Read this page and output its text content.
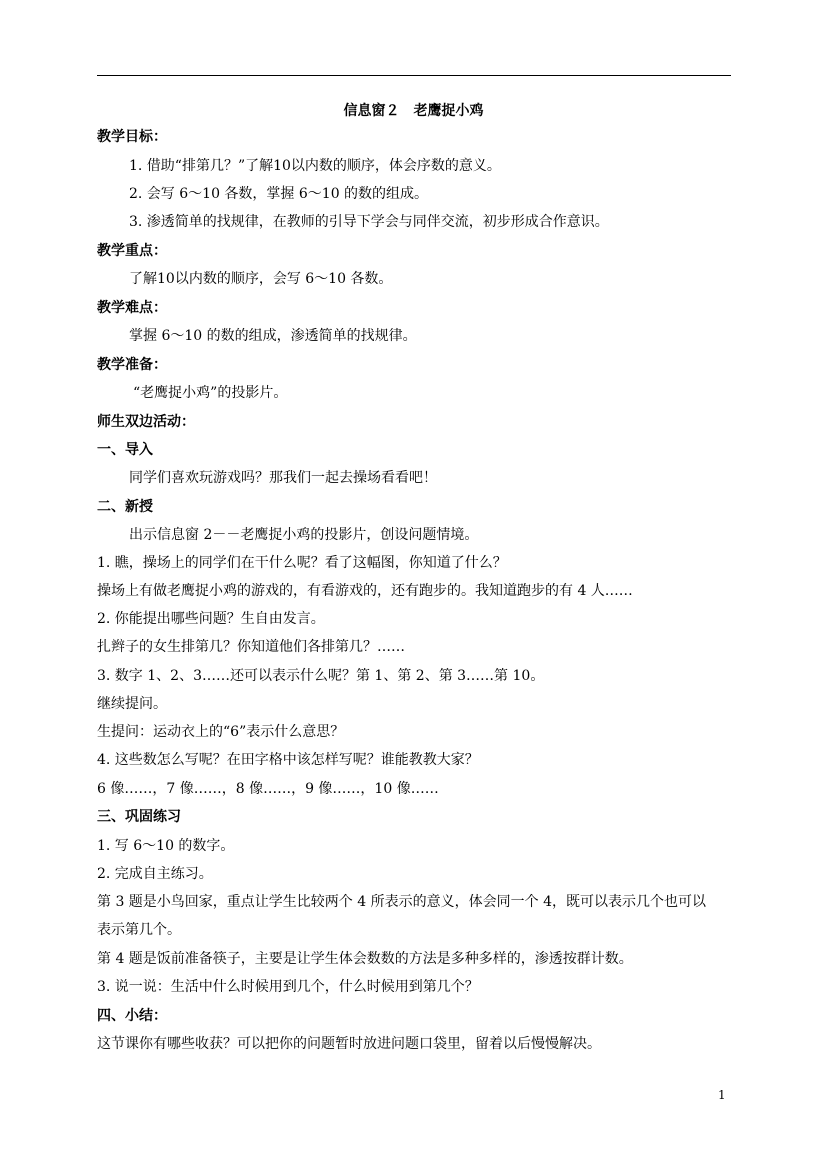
信息窗２　老鹰捉小鸡
教学目标：
1. 借助“排第几？”了解10以内数的顺序，体会序数的意义。
2. 会写 6～10 各数，掌握 6～10 的数的组成。
3. 渗透简单的找规律，在教师的引导下学会与同伴交流，初步形成合作意识。
教学重点：
了解10以内数的顺序，会写 6～10 各数。
教学难点：
掌握 6～10 的数的组成，渗透简单的找规律。
教学准备：
“老鹰捉小鸡”的投影片。
师生双边活动：
一、导入
同学们喜欢玩游戏吗？那我们一起去操场看看吧！
二、新授
出示信息窗 2－－老鹰捉小鸡的投影片，创设问题情境。
1. 瞧，操场上的同学们在干什么呢？看了这幅图，你知道了什么？
操场上有做老鹰捉小鸡的游戏的，有看游戏的，还有跑步的。我知道跑步的有 4 人……
2. 你能提出哪些问题？生自由发言。
扎辫子的女生排第几？你知道他们各排第几？……
3. 数字 1、2、3……还可以表示什么呢？第 1、第 2、第 3……第 10。
继续提问。
生提问：运动衣上的“6”表示什么意思？
4. 这些数怎么写呢？在田字格中该怎样写呢？谁能教教大家？
6 像……，7 像……，8 像……，9 像……，10 像……
三、巩固练习
1. 写 6～10 的数字。
2. 完成自主练习。
第 3 题是小鸟回家，重点让学生比较两个 4 所表示的意义，体会同一个 4，既可以表示几个也可以
表示第几个。
第 4 题是饭前准备筷子，主要是让学生体会数数的方法是多种多样的，渗透按群计数。
3. 说一说：生活中什么时候用到几个，什么时候用到第几个？
四、小结：
这节课你有哪些收获？可以把你的问题暂时放进问题口袋里，留着以后慢慢解决。
1
